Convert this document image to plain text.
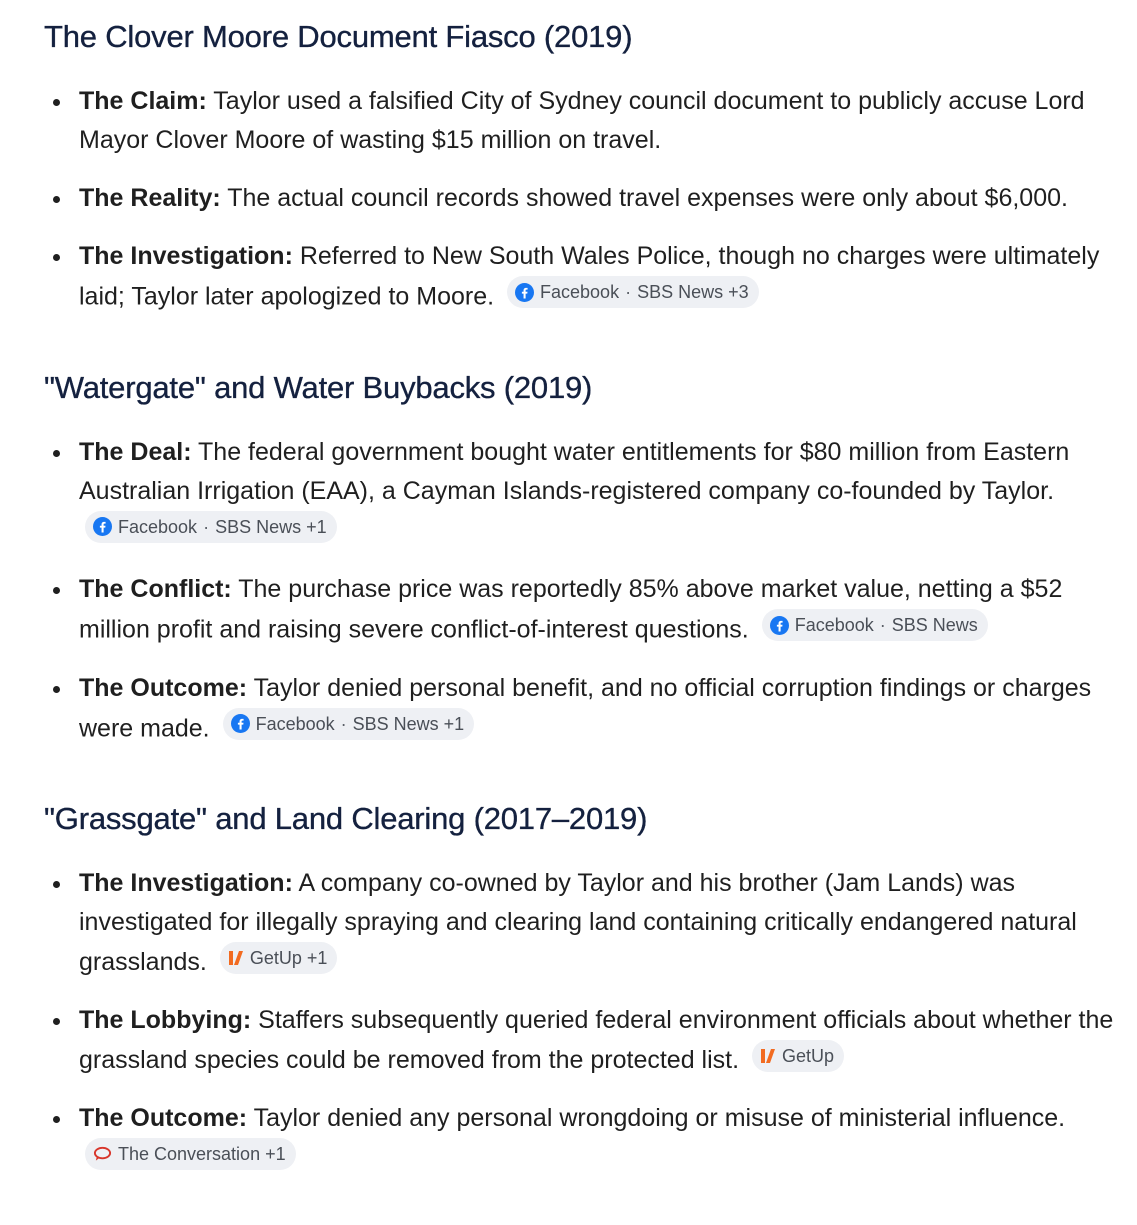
The Clover Moore Document Fiasco (2019)
The Claim: Taylor used a falsified City of Sydney council document to publicly accuse Lord Mayor Clover Moore of wasting $15 million on travel.
The Reality: The actual council records showed travel expenses were only about $6,000.
The Investigation: Referred to New South Wales Police, though no charges were ultimately laid; Taylor later apologized to Moore.	Facebook · SBS News +3
"Watergate" and Water Buybacks (2019)
The Deal: The federal government bought water entitlements for $80 million from Eastern Australian Irrigation (EAA), a Cayman Islands-registered company co-founded by Taylor.
Facebook · SBS News +1
The Conflict: The purchase price was reportedly 85% above market value, netting a $52 million profit and raising severe conflict-of-interest questions.	Facebook · SBS News
The Outcome: Taylor denied personal benefit, and no official corruption findings or charges were made.	Facebook · SBS News +1
"Grassgate" and Land Clearing (2017–2019)
The Investigation: A company co-owned by Taylor and his brother (Jam Lands) was investigated for illegally spraying and clearing land containing critically endangered natural grasslands. GetUp +1
The Lobbying: Staffers subsequently queried federal environment officials about whether the grassland species could be removed from the protected list. GetUp
The Outcome: Taylor denied any personal wrongdoing or misuse of ministerial influence.
The Conversation +1
